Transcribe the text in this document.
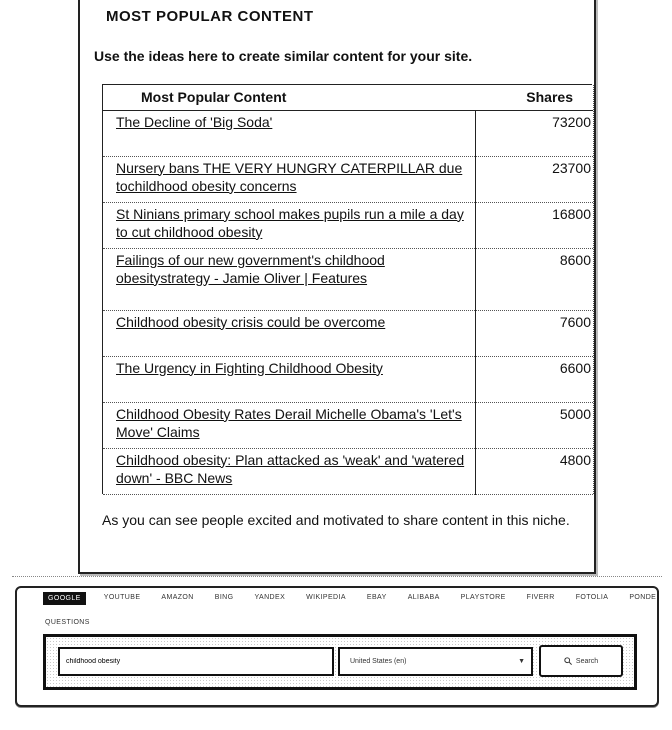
MOST POPULAR CONTENT
Use the ideas here to create similar content for your site.
Most Popular Content	Shares
The Decline of 'Big Soda'	73200
Nursery bans THE VERY HUNGRY CATERPILLAR due tochildhood obesity concerns	23700
St Ninians primary school makes pupils run a mile a day to cut childhood obesity	16800
Failings of our new government's childhood obesitystrategy - Jamie Oliver | Features	8600
Childhood obesity crisis could be overcome	7600
The Urgency in Fighting Childhood Obesity	6600
Childhood Obesity Rates Derail Michelle Obama's 'Let's Move' Claims	5000
Childhood obesity: Plan attacked as 'weak' and 'watered down' - BBC News	4800
As you can see people excited and motivated to share content in this niche.
GOOGLE	YOUTUBE	AMAZON	BING	YANDEX	WIKIPEDIA	EBAY	ALIBABA	PLAYSTORE	FIVERR	FOTOLIA	PONDE
QUESTIONS
childhood obesity
United States (en)	▼	Search
